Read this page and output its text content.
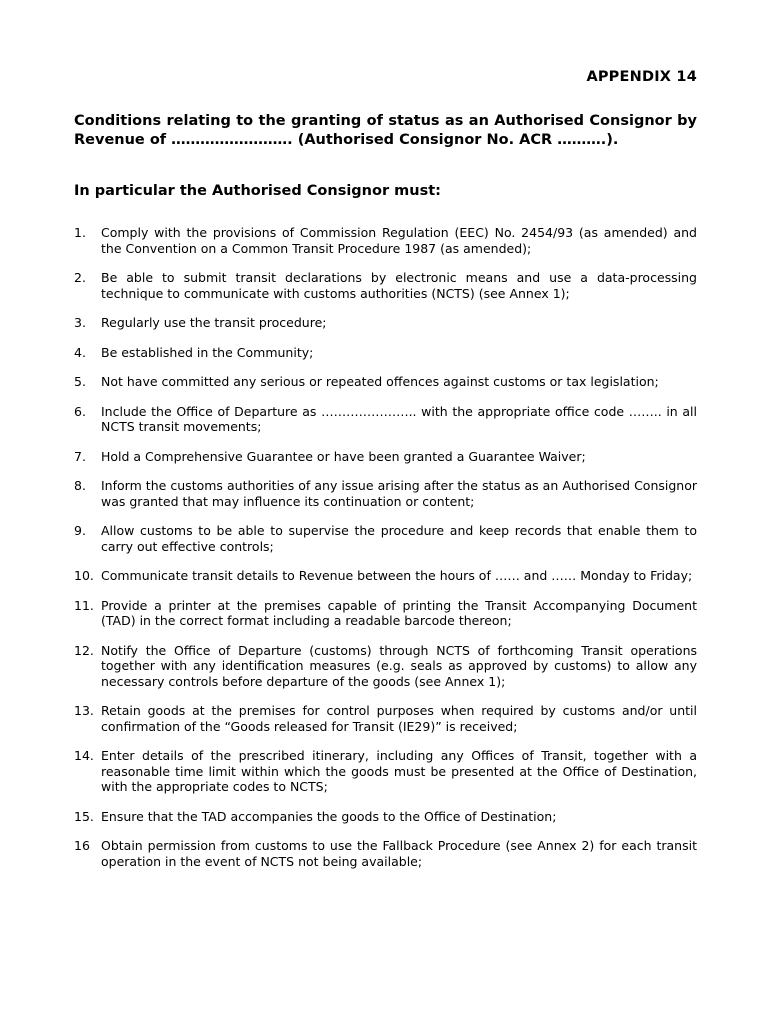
APPENDIX 14
Conditions relating to the granting of status as an Authorised Consignor by Revenue of ……………………. (Authorised Consignor No. ACR ……….).
In particular the Authorised Consignor must:
1.	Comply with the provisions of Commission Regulation (EEC) No. 2454/93 (as amended) and the Convention on a Common Transit Procedure 1987 (as amended);
2.	Be able to submit transit declarations by electronic means and use a data-processing technique to communicate with customs authorities (NCTS) (see Annex 1);
3.	Regularly use the transit procedure;
4.	Be established in the Community;
5.	Not have committed any serious or repeated offences against customs or tax legislation;
6.	Include the Office of Departure as ………………….. with the appropriate office code …….. in all NCTS transit movements;
7.	Hold a Comprehensive Guarantee or have been granted a Guarantee Waiver;
8.	Inform the customs authorities of any issue arising after the status as an Authorised Consignor was granted that may influence its continuation or content;
9.	Allow customs to be able to supervise the procedure and keep records that enable them to carry out effective controls;
10. Communicate transit details to Revenue between the hours of …… and …… Monday to Friday;
11. Provide a printer at the premises capable of printing the Transit Accompanying Document (TAD) in the correct format including a readable barcode thereon;
12. Notify the Office of Departure (customs) through NCTS of forthcoming Transit operations together with any identification measures (e.g. seals as approved by customs) to allow any necessary controls before departure of the goods (see Annex 1);
13. Retain goods at the premises for control purposes when required by customs and/or until confirmation of the “Goods released for Transit (IE29)” is received;
14. Enter details of the prescribed itinerary, including any Offices of Transit, together with a reasonable time limit within which the goods must be presented at the Office of Destination, with the appropriate codes to NCTS;
15. Ensure that the TAD accompanies the goods to the Office of Destination;
16 Obtain permission from customs to use the Fallback Procedure (see Annex 2) for each transit operation in the event of NCTS not being available;
